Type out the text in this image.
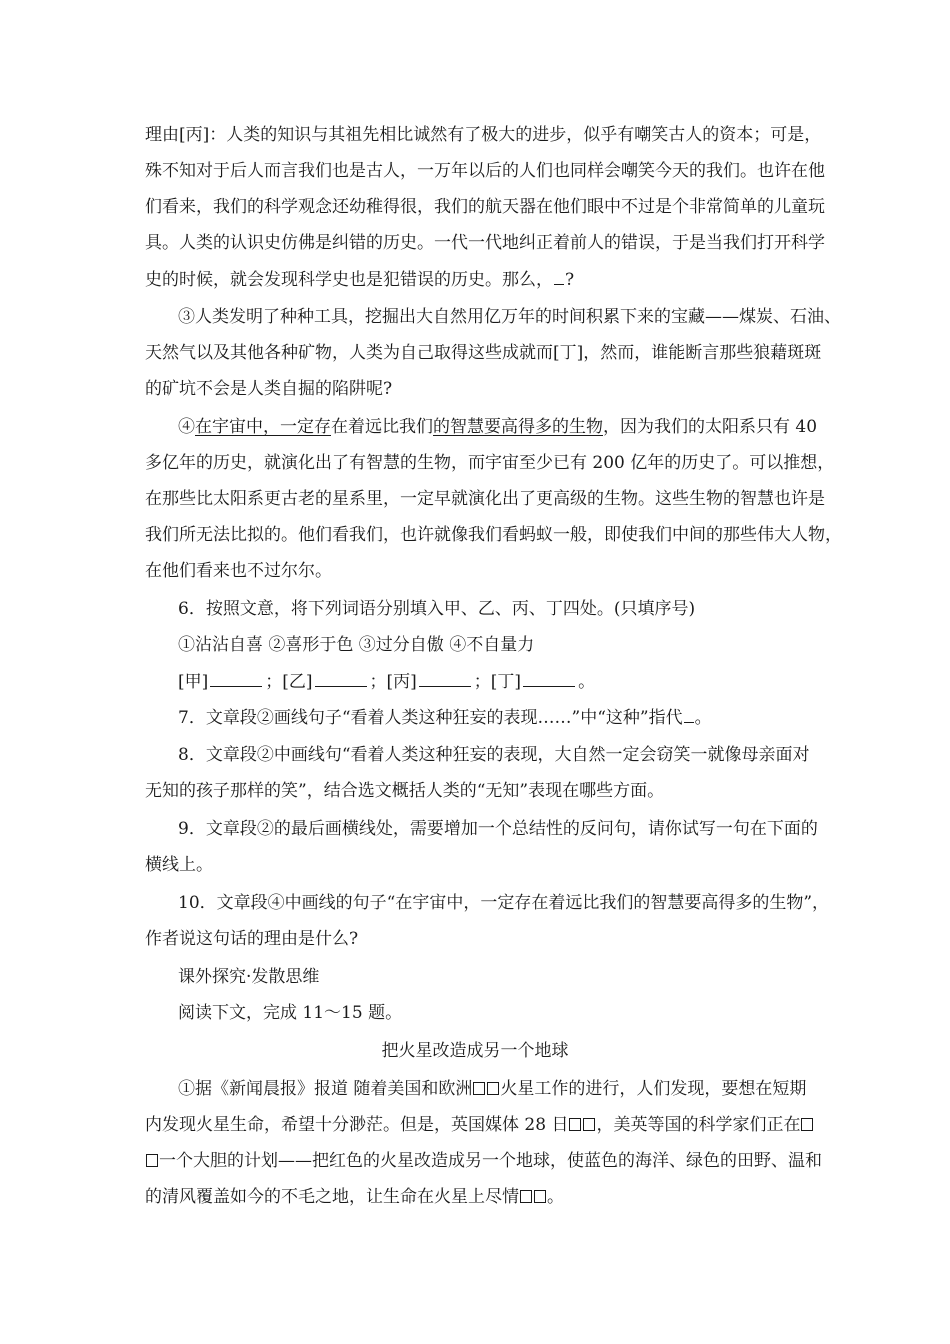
理由[丙]：人类的知识与其祖先相比诚然有了极大的进步，似乎有嘲笑古人的资本；可是，
殊不知对于后人而言我们也是古人，一万年以后的人们也同样会嘲笑今天的我们。也许在他
们看来，我们的科学观念还幼稚得很，我们的航天器在他们眼中不过是个非常简单的儿童玩
具。人类的认识史仿佛是纠错的历史。一代一代地纠正着前人的错误，于是当我们打开科学
史的时候，就会发现科学史也是犯错误的历史。那么， ?
③人类发明了种种工具，挖掘出大自然用亿万年的时间积累下来的宝藏——煤炭、石油、
天然气以及其他各种矿物，人类为自己取得这些成就而[丁]，然而，谁能断言那些狼藉斑斑
的矿坑不会是人类自掘的陷阱呢?
④在宇宙中，一定存在着远比我们的智慧要高得多的生物，因为我们的太阳系只有 40
多亿年的历史，就演化出了有智慧的生物，而宇宙至少已有 200 亿年的历史了。可以推想，
在那些比太阳系更古老的星系里，一定早就演化出了更高级的生物。这些生物的智慧也许是
我们所无法比拟的。他们看我们，也许就像我们看蚂蚁一般，即使我们中间的那些伟大人物，
在他们看来也不过尔尔。
6．按照文意，将下列词语分别填入甲、乙、丙、丁四处。(只填序号)
①沾沾自喜 ②喜形于色 ③过分自傲 ④不自量力
[甲]	；[乙]	；[丙]	；[丁]	。
7．文章段②画线句子“看着人类这种狂妄的表现……”中“这种”指代 。
8．文章段②中画线句“看着人类这种狂妄的表现，大自然一定会窃笑一就像母亲面对
无知的孩子那样的笑”，结合选文概括人类的“无知”表现在哪些方面。
9．文章段②的最后画横线处，需要增加一个总结性的反问句，请你试写一句在下面的
横线上。
10．文章段④中画线的句子“在宇宙中，一定存在着远比我们的智慧要高得多的生物”，
作者说这句话的理由是什么?
课外探究·发散思维
阅读下文，完成 11～15 题。
把火星改造成另一个地球
①据《新闻晨报》报道 随着美国和欧洲 火星工作的进行，人们发现，要想在短期
内发现火星生命，希望十分渺茫。但是，英国媒体 28 日 ，美英等国的科学家们正在
一个大胆的计划——把红色的火星改造成另一个地球，使蓝色的海洋、绿色的田野、温和
的清风覆盖如今的不毛之地，让生命在火星上尽情 。
